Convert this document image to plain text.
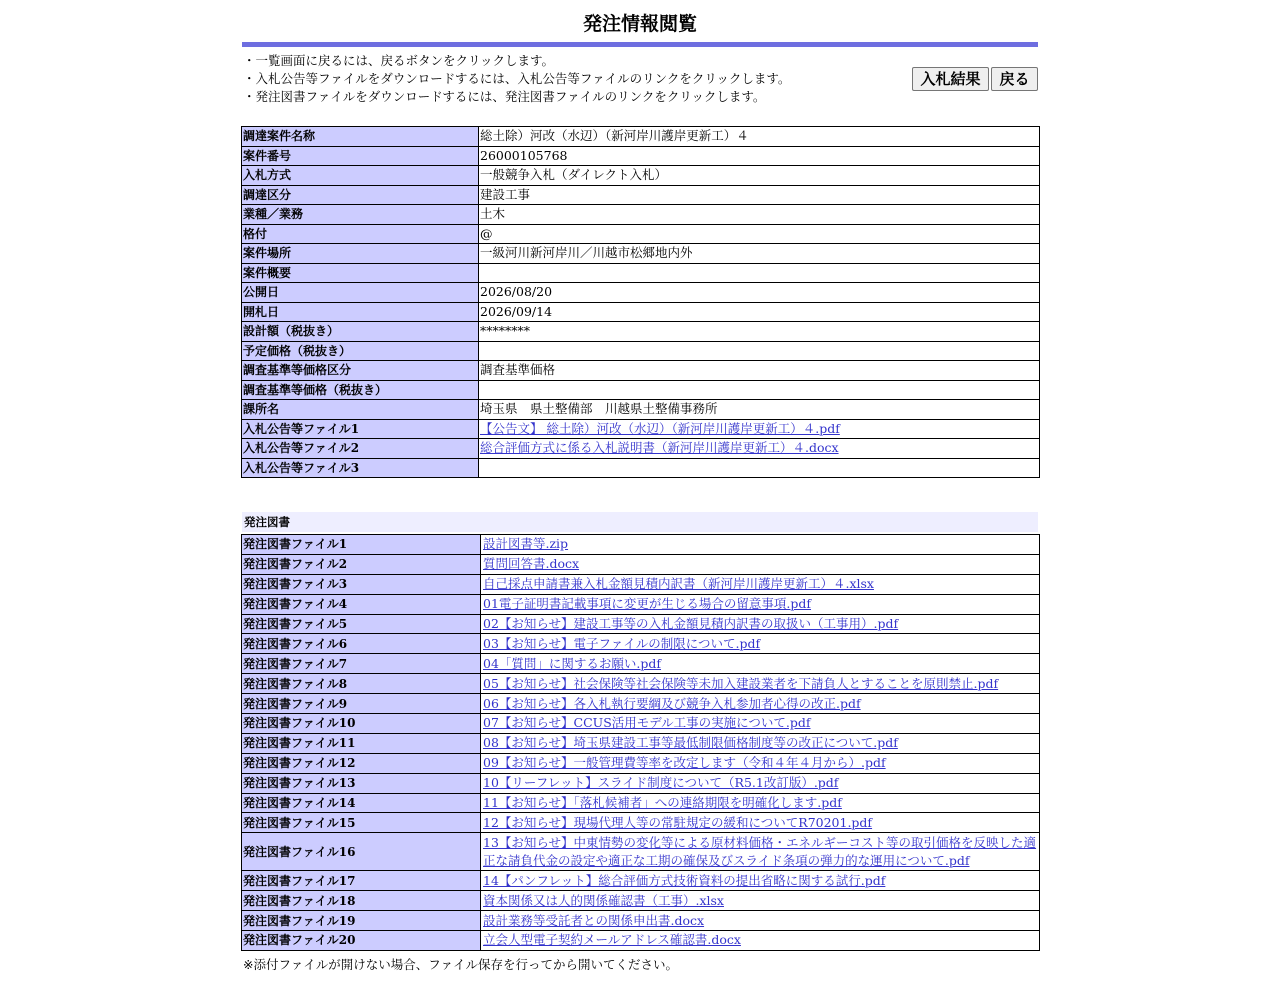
発注情報閲覧
・一覧画面に戻るには、戻るボタンをクリックします。
・入札公告等ファイルをダウンロードするには、入札公告等ファイルのリンクをクリックします。
・発注図書ファイルをダウンロードするには、発注図書ファイルのリンクをクリックします。
入札結果	戻る
調達案件名称	総土除）河改（水辺）（新河岸川護岸更新工）４
案件番号	26000105768
入札方式	一般競争入札（ダイレクト入札）
調達区分	建設工事
業種／業務	土木
格付	@
案件場所	一級河川新河岸川／川越市松郷地内外
案件概要	
公開日	2026/08/20
開札日	2026/09/14
設計額（税抜き）	********
予定価格（税抜き）	
調査基準等価格区分	調査基準価格
調査基準等価格（税抜き）	
課所名	埼玉県　県土整備部　川越県土整備事務所
入札公告等ファイル1	【公告文】 総土除）河改（水辺）（新河岸川護岸更新工）４.pdf
入札公告等ファイル2	総合評価方式に係る入札説明書（新河岸川護岸更新工）４.docx
入札公告等ファイル3	
発注図書
発注図書ファイル1	設計図書等.zip
発注図書ファイル2	質問回答書.docx
発注図書ファイル3	自己採点申請書兼入札金額見積内訳書（新河岸川護岸更新工）４.xlsx
発注図書ファイル4	01電子証明書記載事項に変更が生じる場合の留意事項.pdf
発注図書ファイル5	02【お知らせ】建設工事等の入札金額見積内訳書の取扱い（工事用）.pdf
発注図書ファイル6	03【お知らせ】電子ファイルの制限について.pdf
発注図書ファイル7	04「質問」に関するお願い.pdf
発注図書ファイル8	05【お知らせ】社会保険等社会保険等未加入建設業者を下請負人とすることを原則禁止.pdf
発注図書ファイル9	06【お知らせ】各入札執行要綱及び競争入札参加者心得の改正.pdf
発注図書ファイル10	07【お知らせ】CCUS活用モデル工事の実施について.pdf
発注図書ファイル11	08【お知らせ】埼玉県建設工事等最低制限価格制度等の改正について.pdf
発注図書ファイル12	09【お知らせ】一般管理費等率を改定します（令和４年４月から）.pdf
発注図書ファイル13	10【リーフレット】スライド制度について（R5.1改訂版）.pdf
発注図書ファイル14	11【お知らせ】「落札候補者」への連絡期限を明確化します.pdf
発注図書ファイル15	12【お知らせ】現場代理人等の常駐規定の緩和についてR70201.pdf
発注図書ファイル16	13【お知らせ】中東情勢の変化等による原材料価格・エネルギーコスト等の取引価格を反映した適正な請負代金の設定や適正な工期の確保及びスライド条項の弾力的な運用について.pdf
発注図書ファイル17	14【パンフレット】総合評価方式技術資料の提出省略に関する試行.pdf
発注図書ファイル18	資本関係又は人的関係確認書（工事）.xlsx
発注図書ファイル19	設計業務等受託者との関係申出書.docx
発注図書ファイル20	立会人型電子契約メールアドレス確認書.docx
※添付ファイルが開けない場合、ファイル保存を行ってから開いてください。
